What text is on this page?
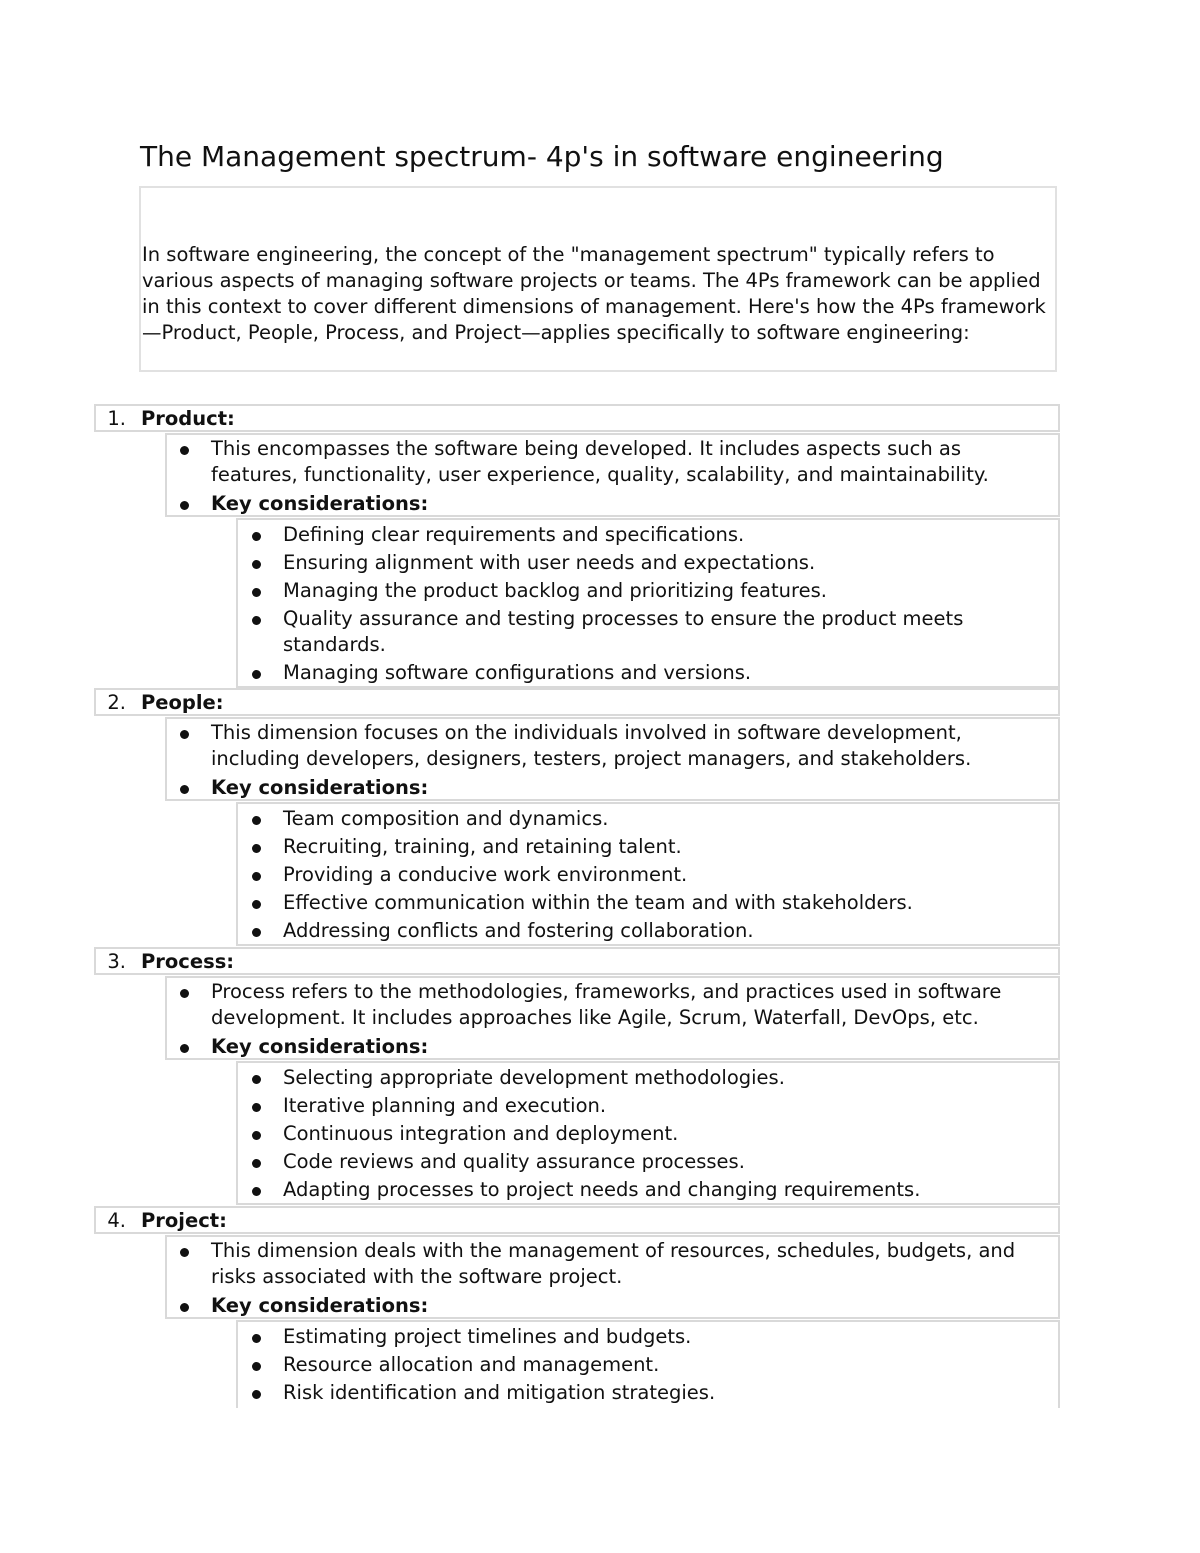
The Management spectrum- 4p's in software engineering

In software engineering, the concept of the "management spectrum" typically refers to various aspects of managing software projects or teams. The 4Ps framework can be applied in this context to cover different dimensions of management. Here's how the 4Ps framework—Product, People, Process, and Project—applies specifically to software engineering:

1. Product:
This encompasses the software being developed. It includes aspects such as features, functionality, user experience, quality, scalability, and maintainability.
Key considerations:
Defining clear requirements and specifications.
Ensuring alignment with user needs and expectations.
Managing the product backlog and prioritizing features.
Quality assurance and testing processes to ensure the product meets standards.
Managing software configurations and versions.
2. People:
This dimension focuses on the individuals involved in software development, including developers, designers, testers, project managers, and stakeholders.
Key considerations:
Team composition and dynamics.
Recruiting, training, and retaining talent.
Providing a conducive work environment.
Effective communication within the team and with stakeholders.
Addressing conflicts and fostering collaboration.
3. Process:
Process refers to the methodologies, frameworks, and practices used in software development. It includes approaches like Agile, Scrum, Waterfall, DevOps, etc.
Key considerations:
Selecting appropriate development methodologies.
Iterative planning and execution.
Continuous integration and deployment.
Code reviews and quality assurance processes.
Adapting processes to project needs and changing requirements.
4. Project:
This dimension deals with the management of resources, schedules, budgets, and risks associated with the software project.
Key considerations:
Estimating project timelines and budgets.
Resource allocation and management.
Risk identification and mitigation strategies.
